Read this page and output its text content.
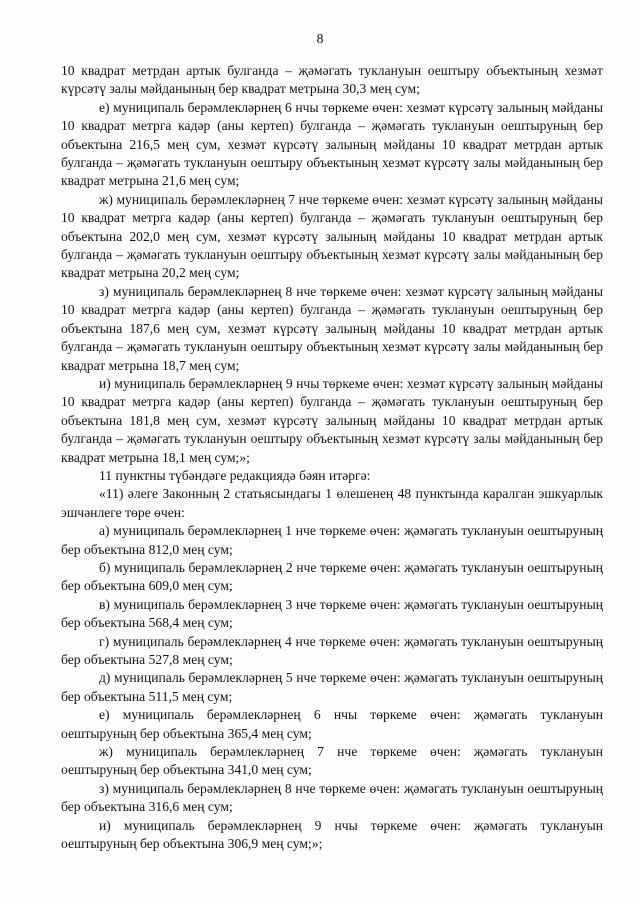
8

10 квадрат метрдан артык булганда – җәмәгать туклануын оештыру объектының хезмәт күрсәтү залы мәйданының бер квадрат метрына 30,3 мең сум;

е) муниципаль берәмлекләрнең 6 нчы төркеме өчен: хезмәт күрсәтү залының мәйданы 10 квадрат метрга кадәр (аны кертеп) булганда – җәмәгать туклануын оештыруның бер объектына 216,5 мең сум, хезмәт күрсәтү залының мәйданы 10 квадрат метрдан артык булганда – җәмәгать туклануын оештыру объектының хезмәт күрсәтү залы мәйданының бер квадрат метрына 21,6 мең сум;

ж) муниципаль берәмлекләрнең 7 нче төркеме өчен: хезмәт күрсәтү залының мәйданы 10 квадрат метрга кадәр (аны кертеп) булганда – җәмәгать туклануын оештыруның бер объектына 202,0 мең сум, хезмәт күрсәтү залының мәйданы 10 квадрат метрдан артык булганда – җәмәгать туклануын оештыру объектының хезмәт күрсәтү залы мәйданының бер квадрат метрына 20,2 мең сум;

з) муниципаль берәмлекләрнең 8 нче төркеме өчен: хезмәт күрсәтү залының мәйданы 10 квадрат метрга кадәр (аны кертеп) булганда – җәмәгать туклануын оештыруның бер объектына 187,6 мең сум, хезмәт күрсәтү залының мәйданы 10 квадрат метрдан артык булганда – җәмәгать туклануын оештыру объектының хезмәт күрсәтү залы мәйданының бер квадрат метрына 18,7 мең сум;

и) муниципаль берәмлекләрнең 9 нчы төркеме өчен: хезмәт күрсәтү залының мәйданы 10 квадрат метрга кадәр (аны кертеп) булганда – җәмәгать туклануын оештыруның бер объектына 181,8 мең сум, хезмәт күрсәтү залының мәйданы 10 квадрат метрдан артык булганда – җәмәгать туклануын оештыру объектының хезмәт күрсәтү залы мәйданының бер квадрат метрына 18,1 мең сум;»;

11 пунктны түбәндәге редакциядә бәян итәргә:

«11) әлеге Законның 2 статьясындагы 1 өлешенең 48 пунктында каралган эшкуарлык эшчәнлеге төре өчен:

а) муниципаль берәмлекләрнең 1 нче төркеме өчен: җәмәгать туклануын оештыруның бер объектына 812,0 мең сум;

б) муниципаль берәмлекләрнең 2 нче төркеме өчен: җәмәгать туклануын оештыруның бер объектына 609,0 мең сум;

в) муниципаль берәмлекләрнең 3 нче төркеме өчен: җәмәгать туклануын оештыруның бер объектына 568,4 мең сум;

г) муниципаль берәмлекләрнең 4 нче төркеме өчен: җәмәгать туклануын оештыруның бер объектына 527,8 мең сум;

д) муниципаль берәмлекләрнең 5 нче төркеме өчен: җәмәгать туклануын оештыруның бер объектына 511,5 мең сум;

е) муниципаль берәмлекләрнең 6 нчы төркеме өчен: җәмәгать туклануын оештыруның бер объектына 365,4 мең сум;

ж) муниципаль берәмлекләрнең 7 нче төркеме өчен: җәмәгать туклануын оештыруның бер объектына 341,0 мең сум;

з) муниципаль берәмлекләрнең 8 нче төркеме өчен: җәмәгать туклануын оештыруның бер объектына 316,6 мең сум;

и) муниципаль берәмлекләрнең 9 нчы төркеме өчен: җәмәгать туклануын оештыруның бер объектына 306,9 мең сум;»;
